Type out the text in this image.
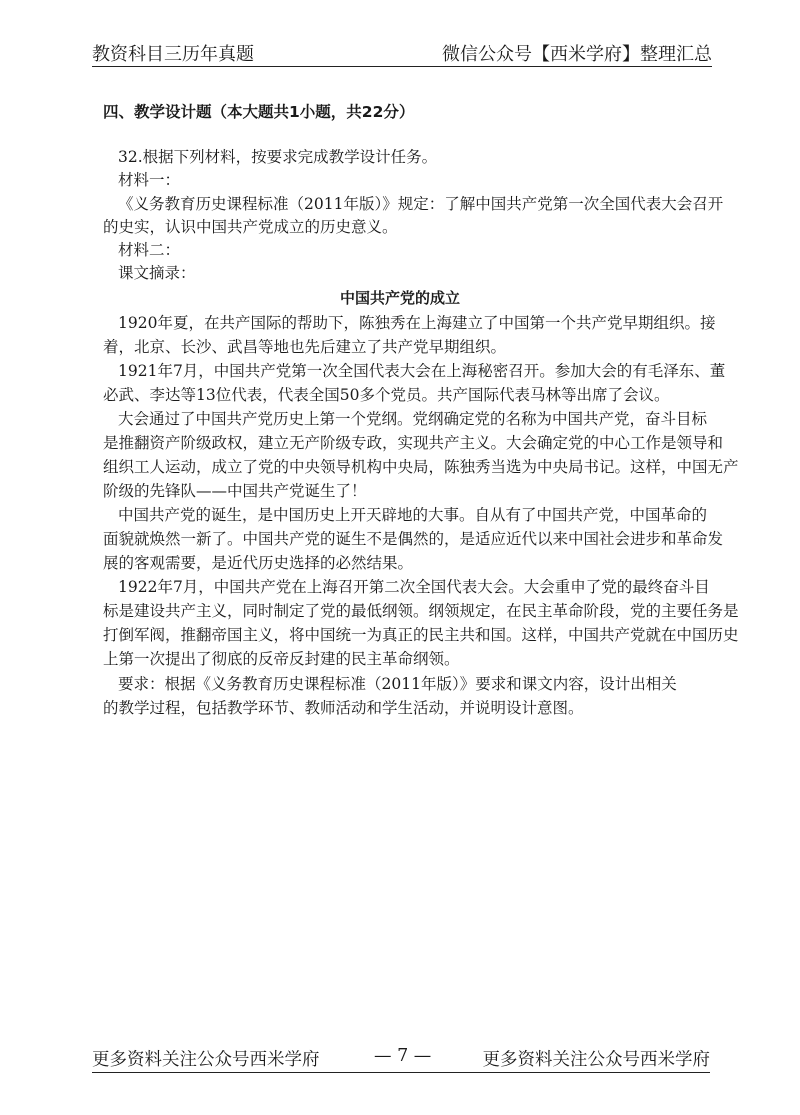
教资科目三历年真题	微信公众号【西米学府】整理汇总
四、教学设计题（本大题共1小题，共22分）
32.根据下列材料，按要求完成教学设计任务。
材料一：
《义务教育历史课程标准（2011年版）》规定：了解中国共产党第一次全国代表大会召开
的史实，认识中国共产党成立的历史意义。
材料二：
课文摘录：
中国共产党的成立
1920年夏，在共产国际的帮助下，陈独秀在上海建立了中国第一个共产党早期组织。接
着，北京、长沙、武昌等地也先后建立了共产党早期组织。
1921年7月，中国共产党第一次全国代表大会在上海秘密召开。参加大会的有毛泽东、董
必武、李达等13位代表，代表全国50多个党员。共产国际代表马林等出席了会议。
大会通过了中国共产党历史上第一个党纲。党纲确定党的名称为中国共产党，奋斗目标
是推翻资产阶级政权，建立无产阶级专政，实现共产主义。大会确定党的中心工作是领导和
组织工人运动，成立了党的中央领导机构中央局，陈独秀当选为中央局书记。这样，中国无产
阶级的先锋队——中国共产党诞生了！
中国共产党的诞生，是中国历史上开天辟地的大事。自从有了中国共产党，中国革命的
面貌就焕然一新了。中国共产党的诞生不是偶然的，是适应近代以来中国社会进步和革命发
展的客观需要，是近代历史选择的必然结果。
1922年7月，中国共产党在上海召开第二次全国代表大会。大会重申了党的最终奋斗目
标是建设共产主义，同时制定了党的最低纲领。纲领规定，在民主革命阶段，党的主要任务是
打倒军阀，推翻帝国主义，将中国统一为真正的民主共和国。这样，中国共产党就在中国历史
上第一次提出了彻底的反帝反封建的民主革命纲领。
要求：根据《义务教育历史课程标准（2011年版）》要求和课文内容，设计出相关
的教学过程，包括教学环节、教师活动和学生活动，并说明设计意图。
更多资料关注公众号西米学府	— 7 —	更多资料关注公众号西米学府
